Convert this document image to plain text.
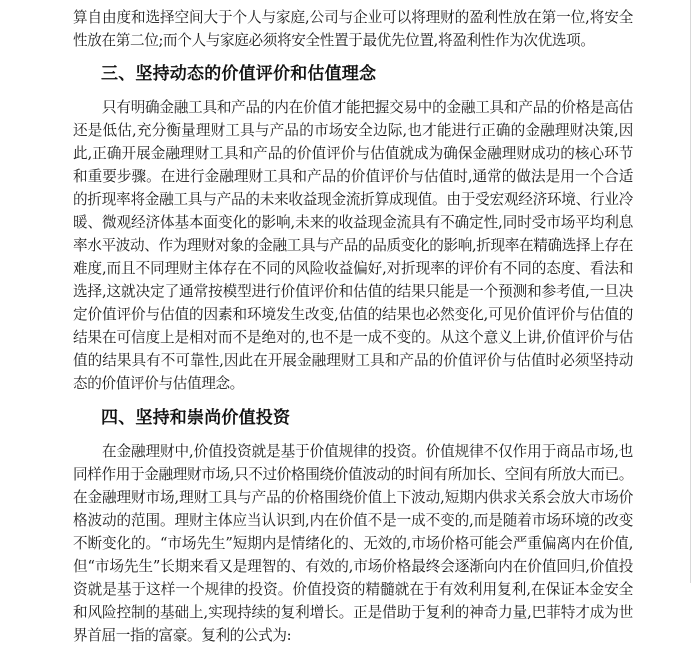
算自由度和选择空间大于个人与家庭,公司与企业可以将理财的盈利性放在第一位,将安全
性放在第二位;而个人与家庭必须将安全性置于最优先位置,将盈利性作为次优选项。
三、坚持动态的价值评价和估值理念
只有明确金融工具和产品的内在价值才能把握交易中的金融工具和产品的价格是高估
还是低估,充分衡量理财工具与产品的市场安全边际,也才能进行正确的金融理财决策,因
此,正确开展金融理财工具和产品的价值评价与估值就成为确保金融理财成功的核心环节
和重要步骤。在进行金融理财工具和产品的价值评价与估值时,通常的做法是用一个合适
的折现率将金融工具与产品的未来收益现金流折算成现值。由于受宏观经济环境、行业冷
暖、微观经济体基本面变化的影响,未来的收益现金流具有不确定性,同时受市场平均利息
率水平波动、作为理财对象的金融工具与产品的品质变化的影响,折现率在精确选择上存在
难度,而且不同理财主体存在不同的风险收益偏好,对折现率的评价有不同的态度、看法和
选择,这就决定了通常按模型进行价值评价和估值的结果只能是一个预测和参考值,一旦决
定价值评价与估值的因素和环境发生改变,估值的结果也必然变化,可见价值评价与估值的
结果在可信度上是相对而不是绝对的,也不是一成不变的。从这个意义上讲,价值评价与估
值的结果具有不可靠性,因此在开展金融理财工具和产品的价值评价与估值时必须坚持动
态的价值评价与估值理念。
四、坚持和崇尚价值投资
在金融理财中,价值投资就是基于价值规律的投资。价值规律不仅作用于商品市场,也
同样作用于金融理财市场,只不过价格围绕价值波动的时间有所加长、空间有所放大而已。
在金融理财市场,理财工具与产品的价格围绕价值上下波动,短期内供求关系会放大市场价
格波动的范围。理财主体应当认识到,内在价值不是一成不变的,而是随着市场环境的改变
不断变化的。“市场先生”短期内是情绪化的、无效的,市场价格可能会严重偏离内在价值,
但“市场先生”长期来看又是理智的、有效的,市场价格最终会逐渐向内在价值回归,价值投
资就是基于这样一个规律的投资。价值投资的精髓就在于有效利用复利,在保证本金安全
和风险控制的基础上,实现持续的复利增长。正是借助于复利的神奇力量,巴菲特才成为世
界首屈一指的富豪。复利的公式为:
